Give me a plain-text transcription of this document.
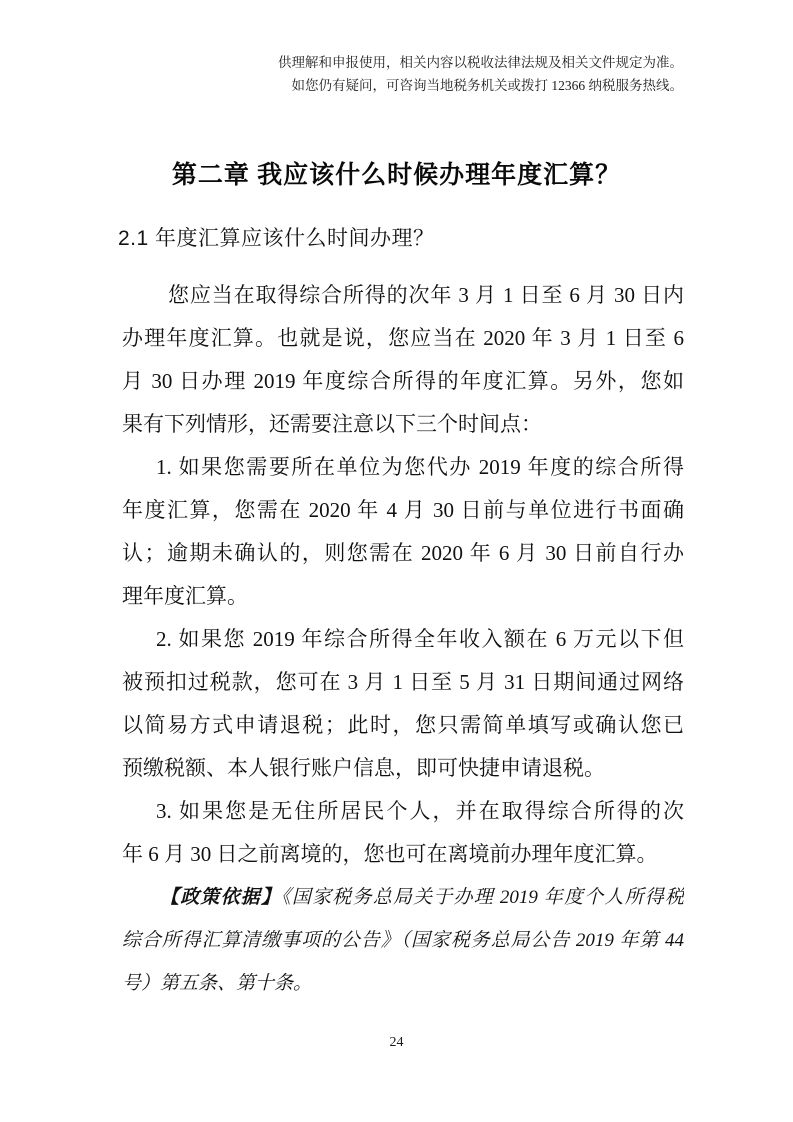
供理解和申报使用，相关内容以税收法律法规及相关文件规定为准。
如您仍有疑问，可咨询当地税务机关或拨打 12366 纳税服务热线。
第二章 我应该什么时候办理年度汇算？
2.1 年度汇算应该什么时间办理？
您应当在取得综合所得的次年 3 月 1 日至 6 月 30 日内
办理年度汇算。也就是说，您应当在 2020 年 3 月 1 日至 6
月 30 日办理 2019 年度综合所得的年度汇算。另外，您如
果有下列情形，还需要注意以下三个时间点：
1. 如果您需要所在单位为您代办 2019 年度的综合所得
年度汇算，您需在 2020 年 4 月 30 日前与单位进行书面确
认；逾期未确认的，则您需在 2020 年 6 月 30 日前自行办
理年度汇算。
2. 如果您 2019 年综合所得全年收入额在 6 万元以下但
被预扣过税款，您可在 3 月 1 日至 5 月 31 日期间通过网络
以简易方式申请退税；此时，您只需简单填写或确认您已
预缴税额、本人银行账户信息，即可快捷申请退税。
3. 如果您是无住所居民个人，并在取得综合所得的次
年 6 月 30 日之前离境的，您也可在离境前办理年度汇算。
【政策依据】《国家税务总局关于办理 2019 年度个人所得税
综合所得汇算清缴事项的公告》（国家税务总局公告 2019 年第 44
号）第五条、第十条。
24
